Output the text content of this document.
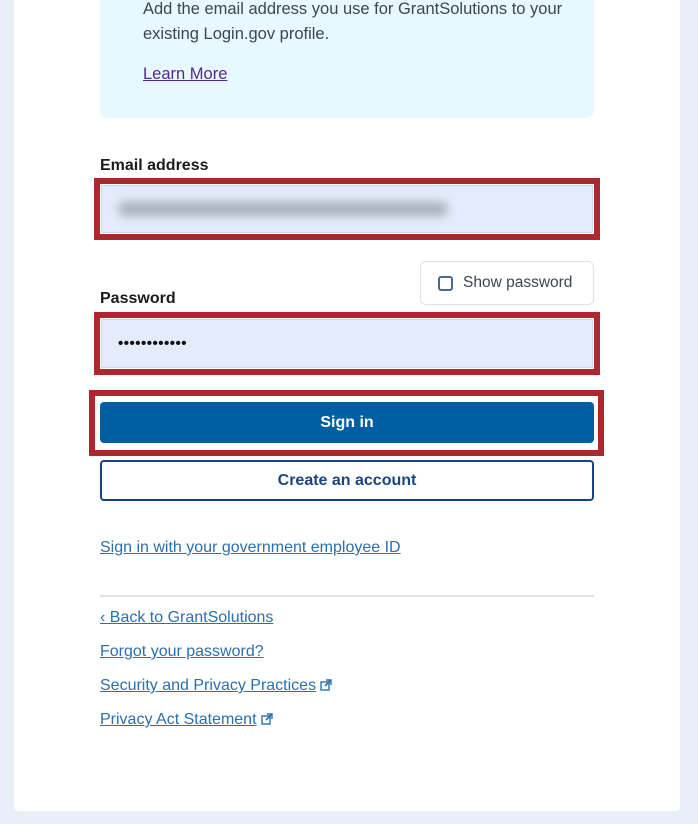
Add the email address you use for GrantSolutions to your existing Login.gov profile.

Learn More
Email address
Show password
Password
••••••••••••
Sign in
Create an account
Sign in with your government employee ID
‹ Back to GrantSolutions
Forgot your password?
Security and Privacy Practices
Privacy Act Statement
